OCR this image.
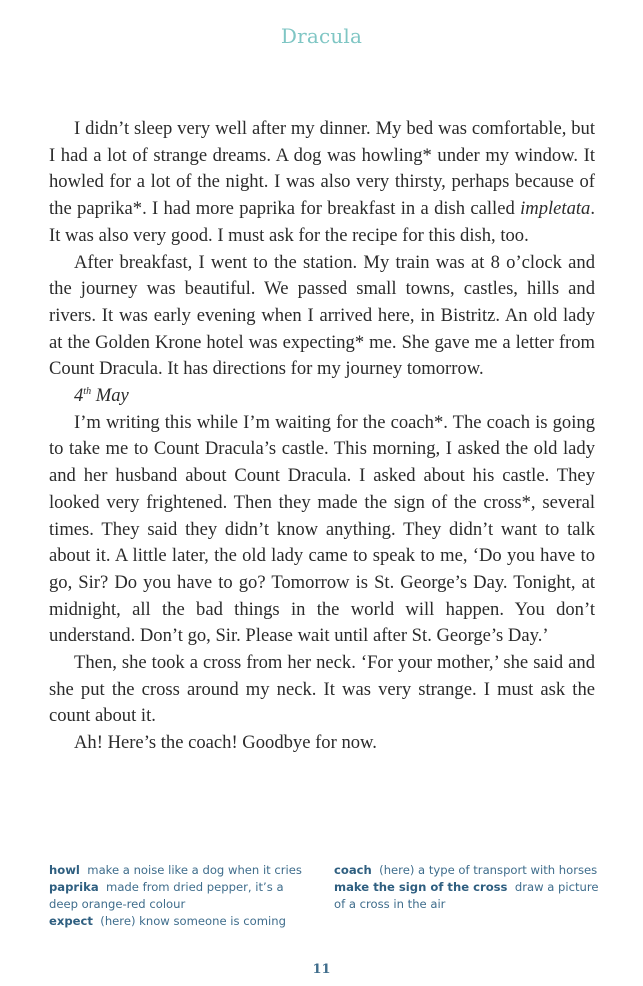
Dracula

I didn’t sleep very well after my dinner. My bed was comfortable, but I had a lot of strange dreams. A dog was howling* under my window. It howled for a lot of the night. I was also very thirsty, perhaps because of the paprika*. I had more paprika for breakfast in a dish called impletata. It was also very good. I must ask for the recipe for this dish, too.

After breakfast, I went to the station. My train was at 8 o’clock and the journey was beautiful. We passed small towns, castles, hills and rivers. It was early evening when I arrived here, in Bistritz. An old lady at the Golden Krone hotel was expecting* me. She gave me a letter from Count Dracula. It has directions for my journey tomorrow.

4th May

I’m writing this while I’m waiting for the coach*. The coach is going to take me to Count Dracula’s castle. This morning, I asked the old lady and her husband about Count Dracula. I asked about his castle. They looked very frightened. Then they made the sign of the cross*, several times. They said they didn’t know anything. They didn’t want to talk about it. A little later, the old lady came to speak to me, ‘Do you have to go, Sir? Do you have to go? Tomorrow is St. George’s Day. Tonight, at midnight, all the bad things in the world will happen. You don’t understand. Don’t go, Sir. Please wait until after St. George’s Day.’

Then, she took a cross from her neck. ‘For your mother,’ she said and she put the cross around my neck. It was very strange. I must ask the count about it.

Ah! Here’s the coach! Goodbye for now.

howl make a noise like a dog when it cries

paprika made from dried pepper, it’s a deep orange-red colour

expect (here) know someone is coming

coach (here) a type of transport with horses

make the sign of the cross draw a picture of a cross in the air

11
